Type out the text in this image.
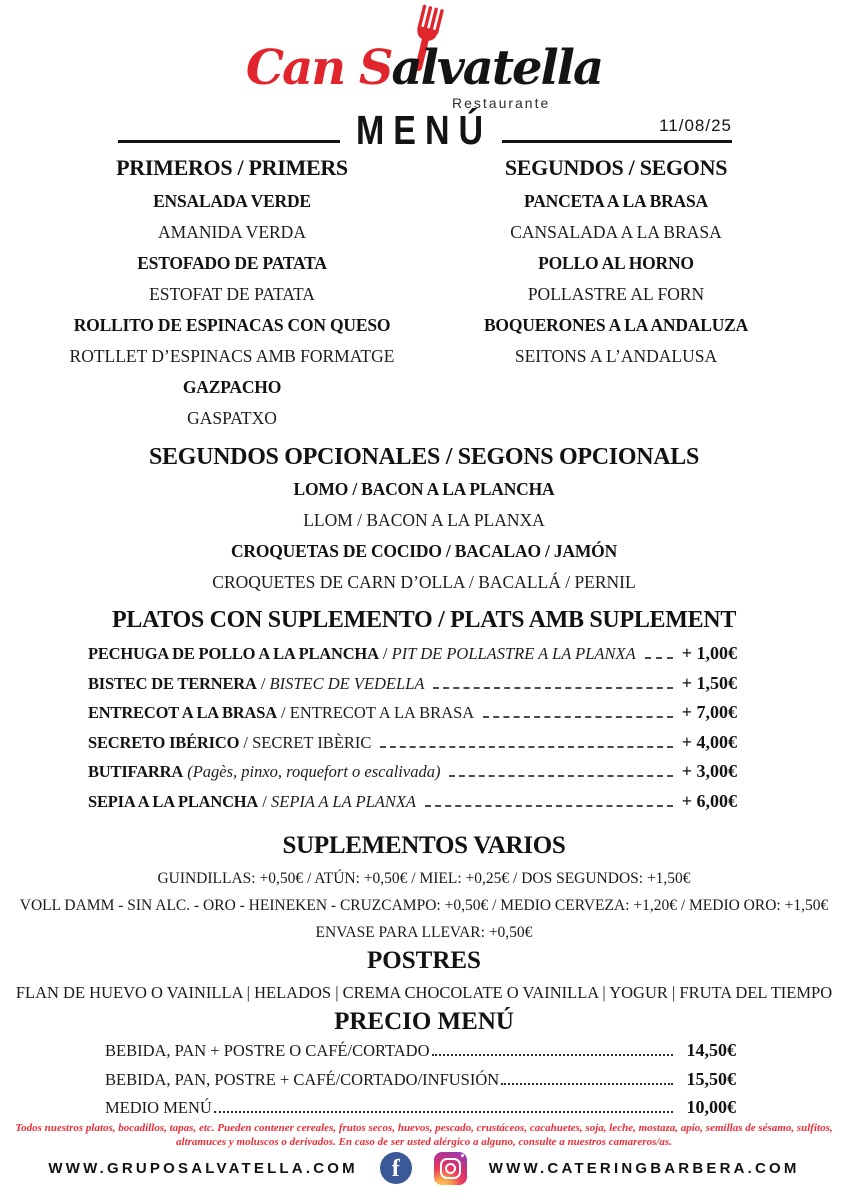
Can Salvatella
Restaurante
MENÚ	11/08/25
PRIMEROS / PRIMERS
ENSALADA VERDE
AMANIDA VERDA
ESTOFADO DE PATATA
ESTOFAT DE PATATA
ROLLITO DE ESPINACAS CON QUESO
ROTLLET D’ESPINACS AMB FORMATGE
GAZPACHO
GASPATXO
SEGUNDOS / SEGONS
PANCETA A LA BRASA
CANSALADA A LA BRASA
POLLO AL HORNO
POLLASTRE AL FORN
BOQUERONES A LA ANDALUZA
SEITONS A L’ANDALUSA
SEGUNDOS OPCIONALES / SEGONS OPCIONALS
LOMO / BACON A LA PLANCHA
LLOM / BACON A LA PLANXA
CROQUETAS DE COCIDO / BACALAO / JAMÓN
CROQUETES DE CARN D’OLLA / BACALLÁ / PERNIL
PLATOS CON SUPLEMENTO / PLATS AMB SUPLEMENT
PECHUGA DE POLLO A LA PLANCHA / PIT DE POLLASTRE A LA PLANXA	+ 1,00€
BISTEC DE TERNERA / BISTEC DE VEDELLA	+ 1,50€
ENTRECOT A LA BRASA / ENTRECOT A LA BRASA	+ 7,00€
SECRETO IBÉRICO / SECRET IBÈRIC	+ 4,00€
BUTIFARRA
(Pagès, pinxo, roquefort o escalivada)	+ 3,00€
SEPIA A LA PLANCHA / SEPIA A LA PLANXA	+ 6,00€
SUPLEMENTOS VARIOS
GUINDILLAS: +0,50€ / ATÚN: +0,50€ / MIEL: +0,25€ / DOS SEGUNDOS: +1,50€
VOLL DAMM - SIN ALC. - ORO - HEINEKEN - CRUZCAMPO: +0,50€ / MEDIO CERVEZA: +1,20€ / MEDIO ORO: +1,50€
ENVASE PARA LLEVAR: +0,50€
POSTRES
FLAN DE HUEVO O VAINILLA | HELADOS | CREMA CHOCOLATE O VAINILLA | YOGUR | FRUTA DEL TIEMPO
PRECIO MENÚ
BEBIDA, PAN + POSTRE O CAFÉ/CORTADO	14,50€
BEBIDA, PAN, POSTRE + CAFÉ/CORTADO/INFUSIÓN	15,50€
MEDIO MENÚ	10,00€
Todos nuestros platos, bocadillos, tapas, etc. Pueden contener cereales, frutos secos, huevos, pescado, crustáceos, cacahuetes, soja, leche, mostaza, apio, semillas de sésamo, sulfitos, altramuces y moluscos o derivados. En caso de ser usted alérgico a alguno, consulte a nuestros camareros/as.
WWW.GRUPOSALVATELLA.COM f	WWW.CATERINGBARBERA.COM
